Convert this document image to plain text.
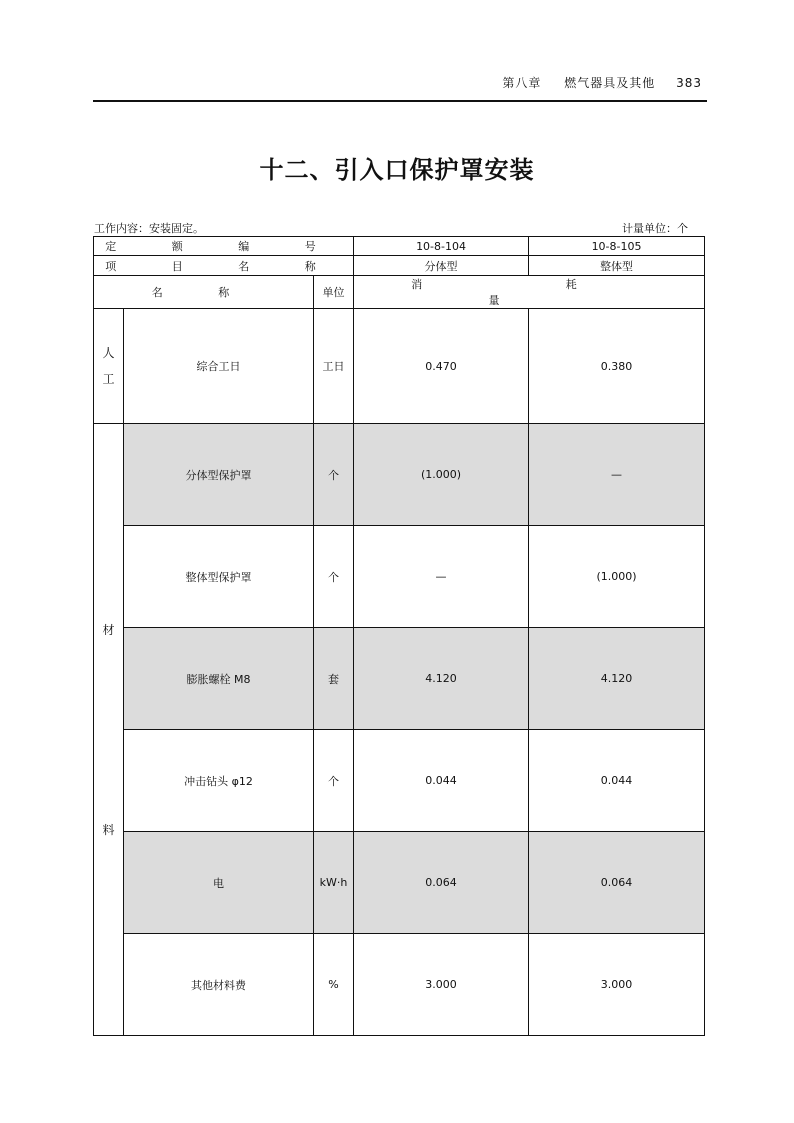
第八章 燃气器具及其他 383
十二、引入口保护罩安装
工作内容：安装固定。	计量单位：个
定 额 编 号			10-8-104	10-8-105
项 目 名 称			分体型	整体型
名 称		单位	消 耗 量	

人
工	综合工日	工日	0.470	0.380

材
料	分体型保护罩	个	(1.000)	—
	整体型保护罩	个	—	(1.000)
	膨胀螺栓 M8	套	4.120	4.120
	冲击钻头 φ12	个	0.044	0.044
	电	kW·h	0.064	0.064
	其他材料费	%	3.000	3.000
